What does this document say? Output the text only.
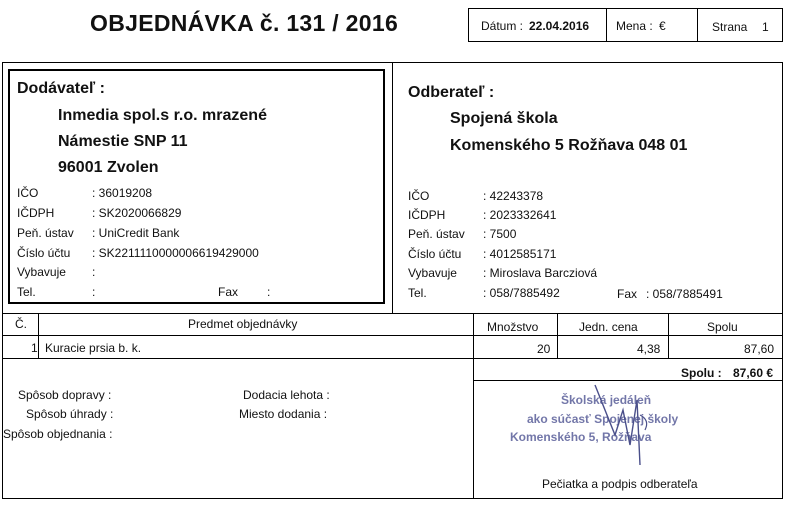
OBJEDNÁVKA č. 131 / 2016	Dátum : 22.04.2016 Mena : €	Strana 1
Dodávateľ :
Inmedia spol.s r.o. mrazené
Námestie SNP 11
96001 Zvolen
IČO	: 36019208
IČDPH	: SK2020066829
Peň. ústav : UniCredit Bank
Číslo účtu : SK2211110000006619429000
Vybavuje :
Tel.	:	Fax :
Odberateľ :
Spojená škola
Komenského 5 Rožňava 048 01
IČO	: 42243378
IČDPH	: 2023332641
Peň. ústav : 7500
Číslo účtu : 4012585171
Vybavuje : Miroslava Barcziová
Tel.	: 058/7885492	Fax : 058/7885491
Č.	Predmet objednávky	Množstvo	Jedn. cena	Spolu
1 Kuracie prsia b. k.	20	4,38	87,60
Spolu : 87,60 €
Spôsob dopravy :
Spôsob úhrady :
Spôsob objednania :
Dodacia lehota :
Miesto dodania :
Školská jedáleň
ako súčasť Spojenej školy
Komenského 5, Rožňava
Pečiatka a podpis odberateľa
